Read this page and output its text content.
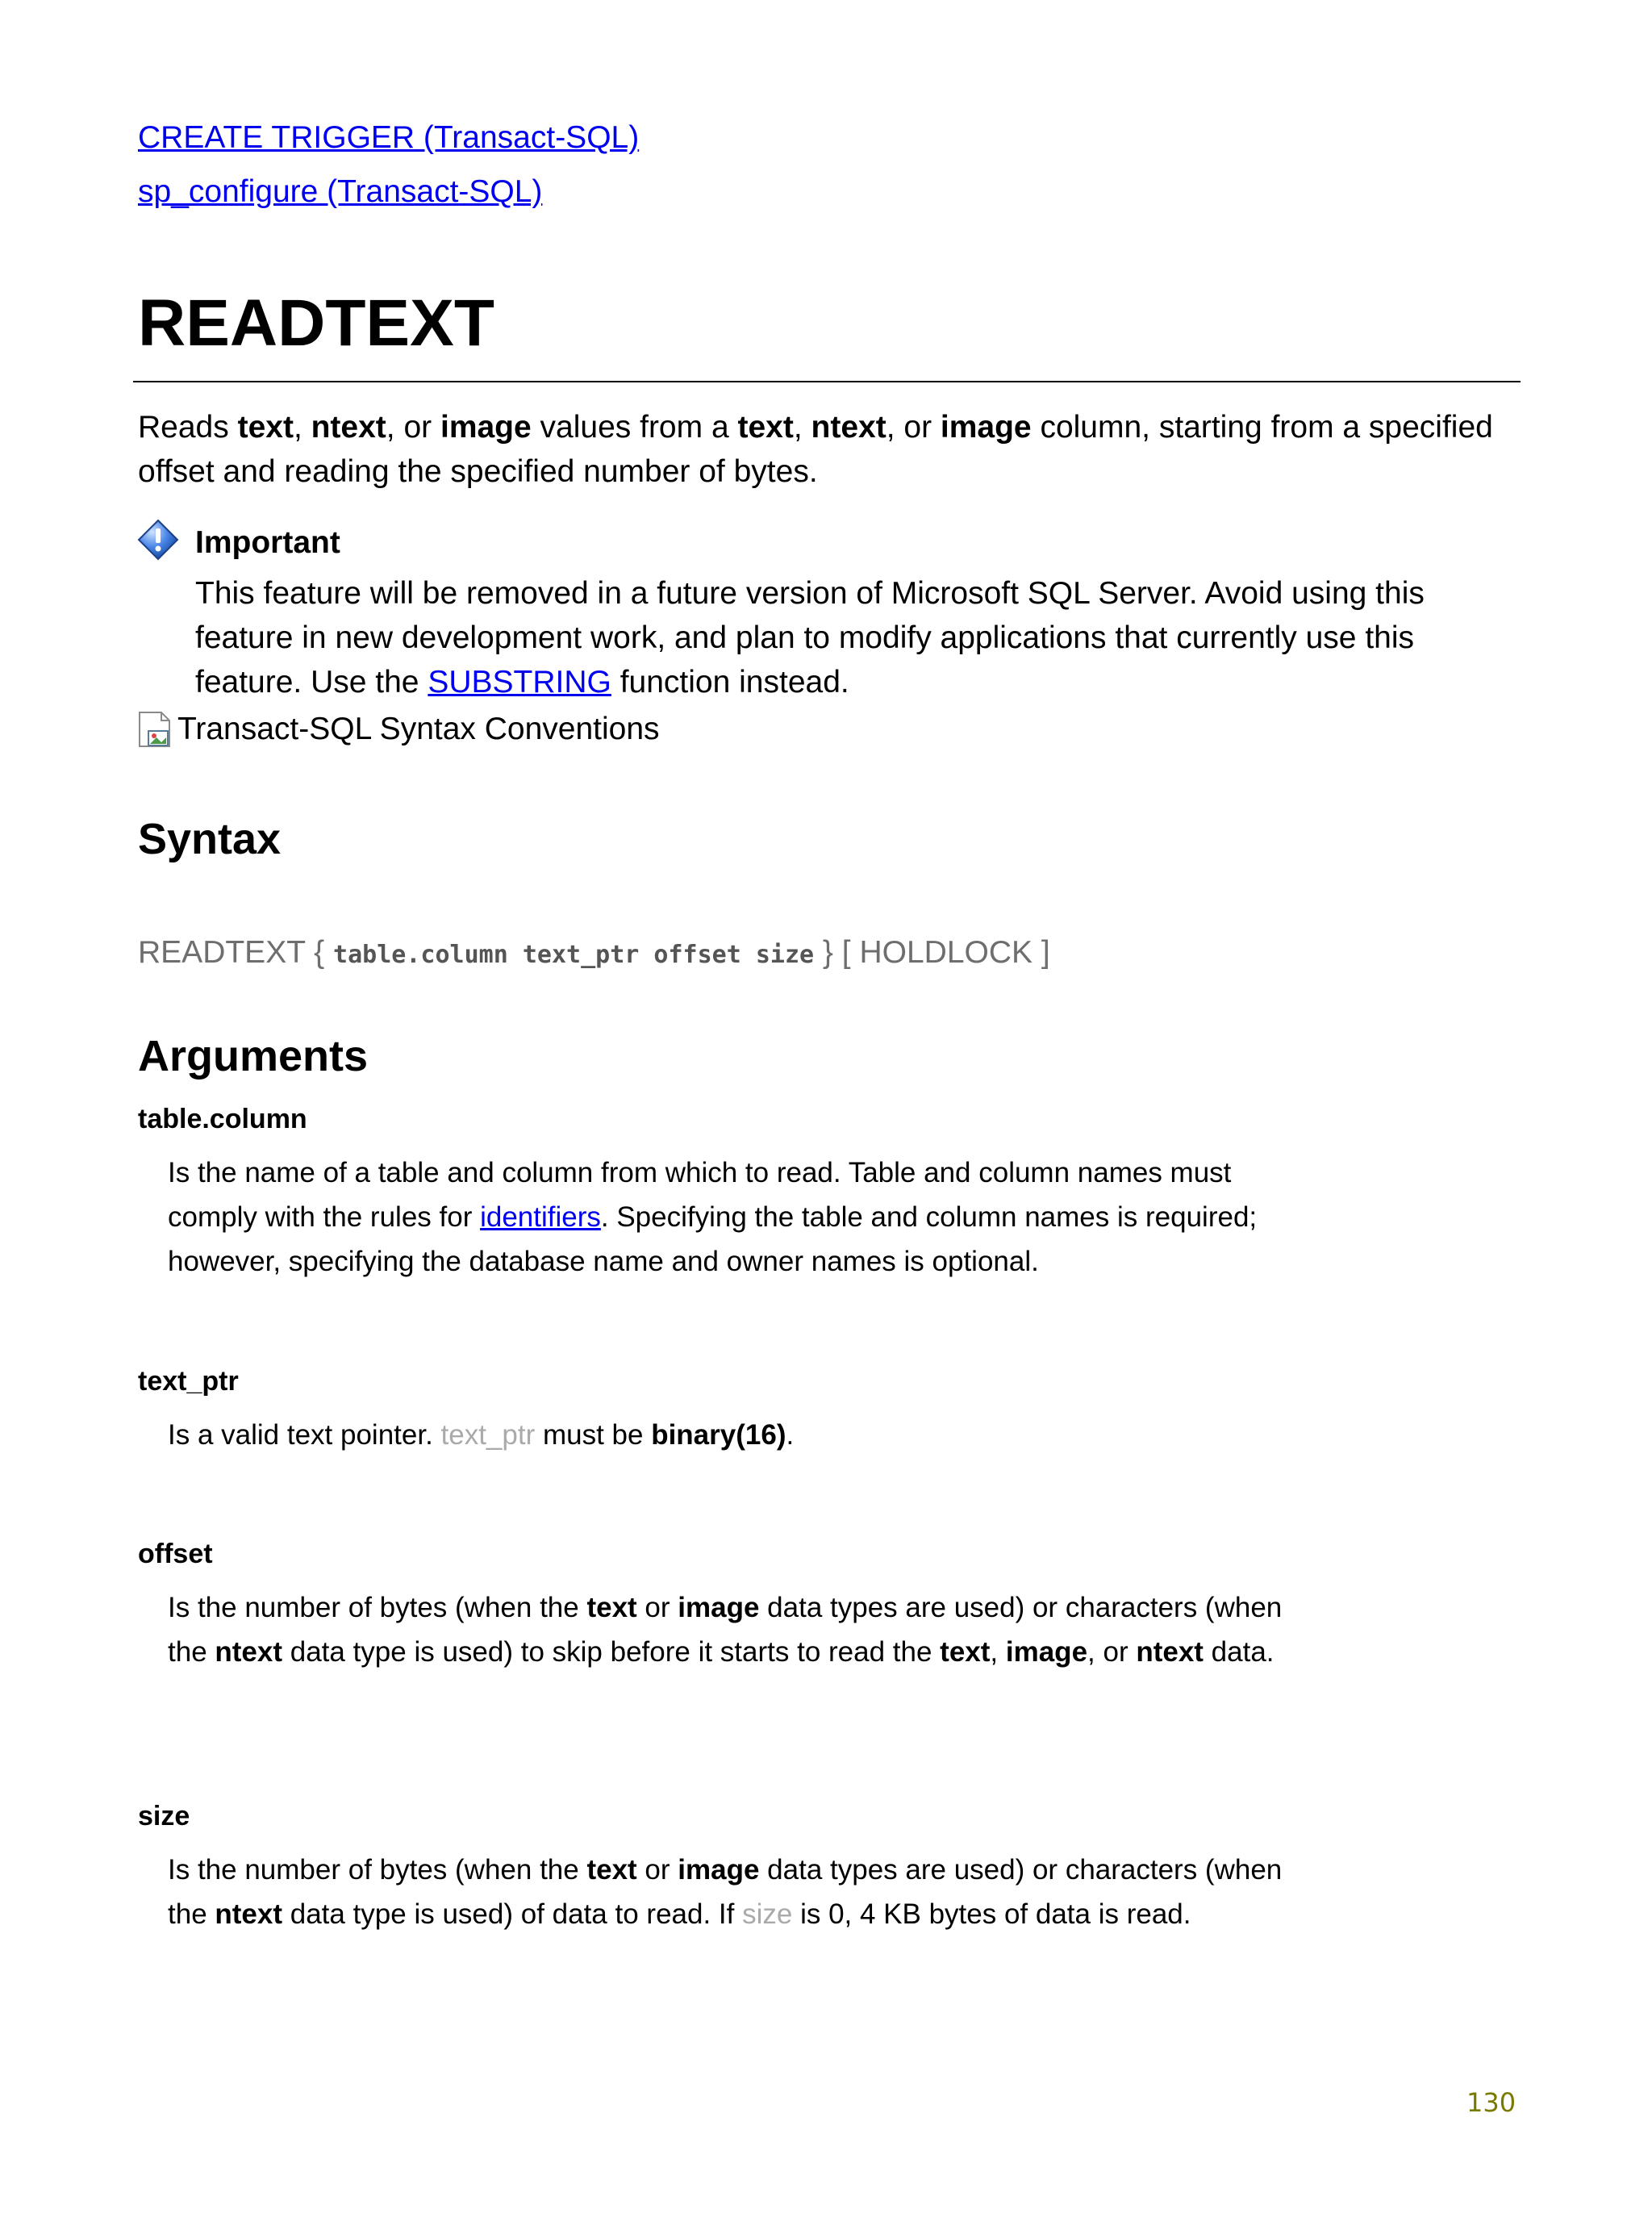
CREATE TRIGGER (Transact-SQL)
sp_configure (Transact-SQL)
READTEXT
Reads text, ntext, or image values from a text, ntext, or image column, starting from a specified offset and reading the specified number of bytes.
Important
This feature will be removed in a future version of Microsoft SQL Server. Avoid using this feature in new development work, and plan to modify applications that currently use this feature. Use the SUBSTRING function instead.
Transact-SQL Syntax Conventions
Syntax
READTEXT { table.column text_ptr offset size } [ HOLDLOCK ]
Arguments
table.column
Is the name of a table and column from which to read. Table and column names must comply with the rules for identifiers. Specifying the table and column names is required; however, specifying the database name and owner names is optional.
text_ptr
Is a valid text pointer. text_ptr must be binary(16).
offset
Is the number of bytes (when the text or image data types are used) or characters (when the ntext data type is used) to skip before it starts to read the text, image, or ntext data.
size
Is the number of bytes (when the text or image data types are used) or characters (when the ntext data type is used) of data to read. If size is 0, 4 KB bytes of data is read.
130
